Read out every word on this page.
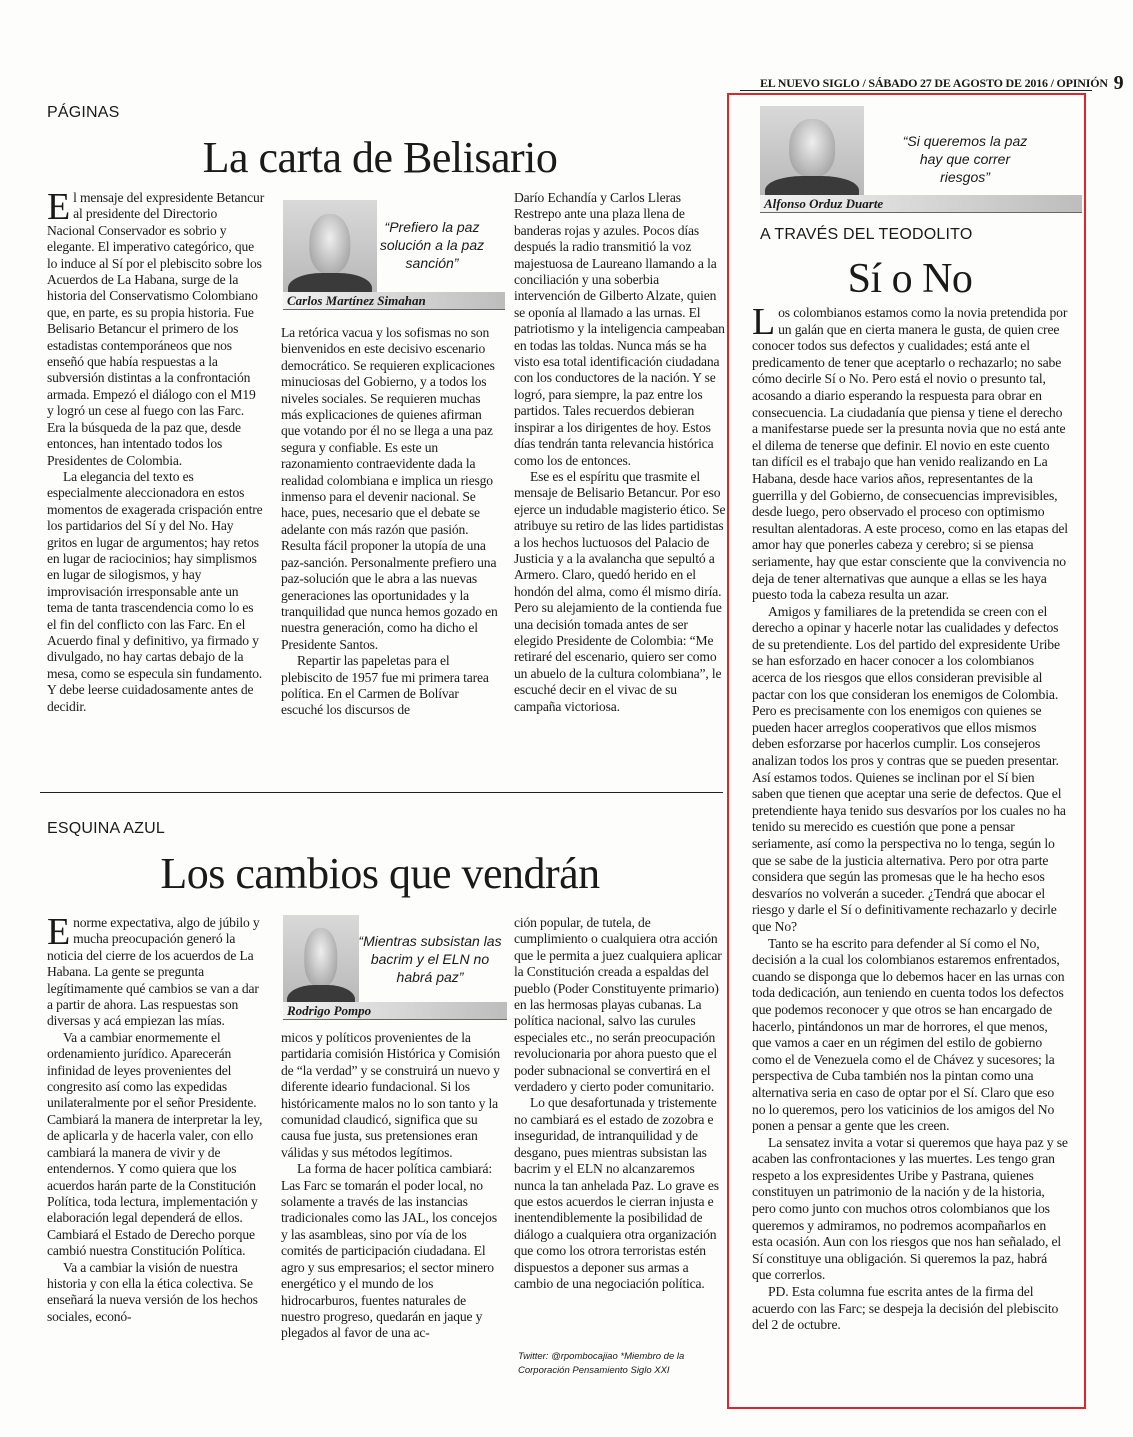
EL NUEVO SIGLO / SÁBADO 27 DE AGOSTO DE 2016 / OPINIÓN 9
PÁGINAS
La carta de Belisario

El mensaje del expresidente Betancur al presidente del Directorio Nacional Conservador es sobrio y elegante. El imperativo categórico, que lo induce al Sí por el plebiscito sobre los Acuerdos de La Habana, surge de la historia del Conservatismo Colombiano que, en parte, es su propia historia. Fue Belisario Betancur el primero de los estadistas contemporáneos que nos enseñó que había respuestas a la subversión distintas a la confrontación armada. Empezó el diálogo con el M19 y logró un cese al fuego con las Farc. Era la búsqueda de la paz que, desde entonces, han intentado todos los Presidentes de Colombia.

La elegancia del texto es especialmente aleccionadora en estos momentos de exagerada crispación entre los partidarios del Sí y del No. Hay gritos en lugar de argumentos; hay retos en lugar de raciocinios; hay simplismos en lugar de silogismos, y hay improvisación irresponsable ante un tema de tanta trascendencia como lo es el fin del conflicto con las Farc. En el Acuerdo final y definitivo, ya firmado y divulgado, no hay cartas debajo de la mesa, como se especula sin fundamento. Y debe leerse cuidadosamente antes de decidir.

“Prefiero la paz solución a la paz sanción”
Carlos Martínez Simahan

La retórica vacua y los sofismas no son bienvenidos en este decisivo escenario democrático. Se requieren explicaciones minuciosas del Gobierno, y a todos los niveles sociales. Se requieren muchas más explicaciones de quienes afirman que votando por él no se llega a una paz segura y confiable. Es este un razonamiento contraevidente dada la realidad colombiana e implica un riesgo inmenso para el devenir nacional. Se hace, pues, necesario que el debate se adelante con más razón que pasión. Resulta fácil proponer la utopía de una paz-sanción. Personalmente prefiero una paz-solución que le abra a las nuevas generaciones las oportunidades y la tranquilidad que nunca hemos gozado en nuestra generación, como ha dicho el Presidente Santos.

Repartir las papeletas para el plebiscito de 1957 fue mi primera tarea política. En el Carmen de Bolívar escuché los discursos de

Darío Echandía y Carlos Lleras Restrepo ante una plaza llena de banderas rojas y azules. Pocos días después la radio transmitió la voz majestuosa de Laureano llamando a la conciliación y una soberbia intervención de Gilberto Alzate, quien se oponía al llamado a las urnas. El patriotismo y la inteligencia campeaban en todas las toldas. Nunca más se ha visto esa total identificación ciudadana con los conductores de la nación. Y se logró, para siempre, la paz entre los partidos. Tales recuerdos debieran inspirar a los dirigentes de hoy. Estos días tendrán tanta relevancia histórica como los de entonces.

Ese es el espíritu que trasmite el mensaje de Belisario Betancur. Por eso ejerce un indudable magisterio ético. Se atribuye su retiro de las lides partidistas a los hechos luctuosos del Palacio de Justicia y a la avalancha que sepultó a Armero. Claro, quedó herido en el hondón del alma, como él mismo diría. Pero su alejamiento de la contienda fue una decisión tomada antes de ser elegido Presidente de Colombia: “Me retiraré del escenario, quiero ser como un abuelo de la cultura colombiana”, le escuché decir en el vivac de su campaña victoriosa.

ESQUINA AZUL
Los cambios que vendrán

Enorme expectativa, algo de júbilo y mucha preocupación generó la noticia del cierre de los acuerdos de La Habana. La gente se pregunta legítimamente qué cambios se van a dar a partir de ahora. Las respuestas son diversas y acá empiezan las mías.

Va a cambiar enormemente el ordenamiento jurídico. Aparecerán infinidad de leyes provenientes del congresito así como las expedidas unilateralmente por el señor Presidente. Cambiará la manera de interpretar la ley, de aplicarla y de hacerla valer, con ello cambiará la manera de vivir y de entendernos. Y como quiera que los acuerdos harán parte de la Constitución Política, toda lectura, implementación y elaboración legal dependerá de ellos. Cambiará el Estado de Derecho porque cambió nuestra Constitución Política.

Va a cambiar la visión de nuestra historia y con ella la ética colectiva. Se enseñará la nueva versión de los hechos sociales, econó-

“Mientras subsistan las bacrim y el ELN no habrá paz”
Rodrigo Pompo

micos y políticos provenientes de la partidaria comisión Histórica y Comisión de “la verdad” y se construirá un nuevo y diferente ideario fundacional. Si los históricamente malos no lo son tanto y la comunidad claudicó, significa que su causa fue justa, sus pretensiones eran válidas y sus métodos legítimos.

La forma de hacer política cambiará: Las Farc se tomarán el poder local, no solamente a través de las instancias tradicionales como las JAL, los concejos y las asambleas, sino por vía de los comités de participación ciudadana. El agro y sus empresarios; el sector minero energético y el mundo de los hidrocarburos, fuentes naturales de nuestro progreso, quedarán en jaque y plegados al favor de una ac-

ción popular, de tutela, de cumplimiento o cualquiera otra acción que le permita a juez cualquiera aplicar la Constitución creada a espaldas del pueblo (Poder Constituyente primario) en las hermosas playas cubanas. La política nacional, salvo las curules especiales etc., no serán preocupación revolucionaria por ahora puesto que el poder subnacional se convertirá en el verdadero y cierto poder comunitario.

Lo que desafortunada y tristemente no cambiará es el estado de zozobra e inseguridad, de intranquilidad y de desgano, pues mientras subsistan las bacrim y el ELN no alcanzaremos nunca la tan anhelada Paz. Lo grave es que estos acuerdos le cierran injusta e inentendiblemente la posibilidad de diálogo a cualquiera otra organización que como los otrora terroristas estén dispuestos a deponer sus armas a cambio de una negociación política.

Twitter: @rpombocajiao *Miembro de la Corporación Pensamiento Siglo XXI
“Si queremos la paz hay que correr riesgos”
Alfonso Orduz Duarte
A TRAVÉS DEL TEODOLITO
Sí o No

Los colombianos estamos como la novia pretendida por un galán que en cierta manera le gusta, de quien cree conocer todos sus defectos y cualidades; está ante el predicamento de tener que aceptarlo o rechazarlo; no sabe cómo decirle Sí o No. Pero está el novio o presunto tal, acosando a diario esperando la respuesta para obrar en consecuencia. La ciudadanía que piensa y tiene el derecho a manifestarse puede ser la presunta novia que no está ante el dilema de tenerse que definir. El novio en este cuento tan difícil es el trabajo que han venido realizando en La Habana, desde hace varios años, representantes de la guerrilla y del Gobierno, de consecuencias imprevisibles, desde luego, pero observado el proceso con optimismo resultan alentadoras. A este proceso, como en las etapas del amor hay que ponerles cabeza y cerebro; si se piensa seriamente, hay que estar consciente que la convivencia no deja de tener alternativas que aunque a ellas se les haya puesto toda la cabeza resulta un azar.

Amigos y familiares de la pretendida se creen con el derecho a opinar y hacerle notar las cualidades y defectos de su pretendiente. Los del partido del expresidente Uribe se han esforzado en hacer conocer a los colombianos acerca de los riesgos que ellos consideran previsible al pactar con los que consideran los enemigos de Colombia. Pero es precisamente con los enemigos con quienes se pueden hacer arreglos cooperativos que ellos mismos deben esforzarse por hacerlos cumplir. Los consejeros analizan todos los pros y contras que se pueden presentar. Así estamos todos. Quienes se inclinan por el Sí bien saben que tienen que aceptar una serie de defectos. Que el pretendiente haya tenido sus desvaríos por los cuales no ha tenido su merecido es cuestión que pone a pensar seriamente, así como la perspectiva no lo tenga, según lo que se sabe de la justicia alternativa. Pero por otra parte considera que según las promesas que le ha hecho esos desvaríos no volverán a suceder. ¿Tendrá que abocar el riesgo y darle el Sí o definitivamente rechazarlo y decirle que No?

Tanto se ha escrito para defender al Sí como el No, decisión a la cual los colombianos estaremos enfrentados, cuando se disponga que lo debemos hacer en las urnas con toda dedicación, aun teniendo en cuenta todos los defectos que podemos reconocer y que otros se han encargado de hacerlo, pintándonos un mar de horrores, el que menos, que vamos a caer en un régimen del estilo de gobierno como el de Venezuela como el de Chávez y sucesores; la perspectiva de Cuba también nos la pintan como una alternativa seria en caso de optar por el Sí. Claro que eso no lo queremos, pero los vaticinios de los amigos del No ponen a pensar a gente que les creen.

La sensatez invita a votar si queremos que haya paz y se acaben las confrontaciones y las muertes. Les tengo gran respeto a los expresidentes Uribe y Pastrana, quienes constituyen un patrimonio de la nación y de la historia, pero como junto con muchos otros colombianos que los queremos y admiramos, no podremos acompañarlos en esta ocasión. Aun con los riesgos que nos han señalado, el Sí constituye una obligación. Si queremos la paz, habrá que correrlos.

PD. Esta columna fue escrita antes de la firma del acuerdo con las Farc; se despeja la decisión del plebiscito del 2 de octubre.
